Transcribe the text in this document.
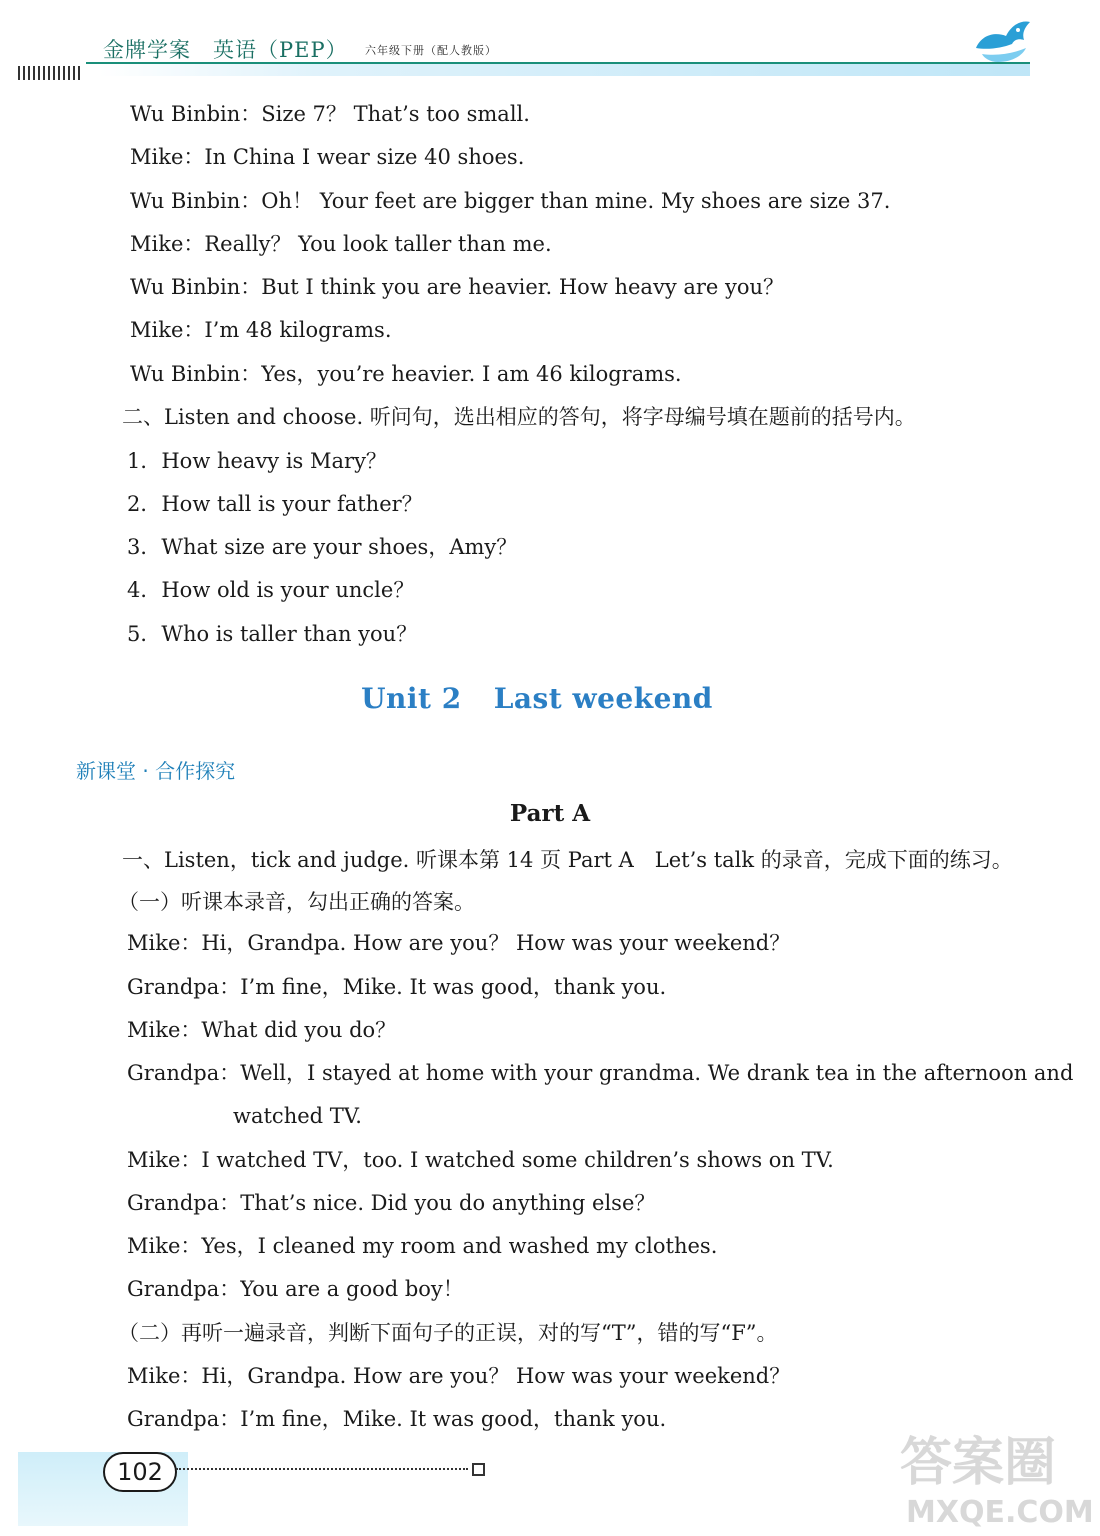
金牌学案　英语（PEP） 六年级下册（配人教版）
Wu Binbin：Size 7？ That’s too small.
Mike：In China I wear size 40 shoes.
Wu Binbin：Oh！ Your feet are bigger than mine. My shoes are size 37.
Mike：Really？ You look taller than me.
Wu Binbin：But I think you are heavier. How heavy are you？
Mike：I’m 48 kilograms.
Wu Binbin：Yes，you’re heavier. I am 46 kilograms.
二、Listen and choose. 听问句，选出相应的答句，将字母编号填在题前的括号内。
1．How heavy is Mary？
2．How tall is your father？
3．What size are your shoes，Amy？
4．How old is your uncle？
5．Who is taller than you？
Unit 2 Last weekend
新课堂 · 合作探究
Part A
一、Listen，tick and judge. 听课本第 14 页 Part A　Let’s talk 的录音，完成下面的练习。
（一）听课本录音，勾出正确的答案。
Mike：Hi，Grandpa. How are you？ How was your weekend？
Grandpa：I’m fine，Mike. It was good，thank you.
Mike：What did you do？
Grandpa：Well，I stayed at home with your grandma. We drank tea in the afternoon and
watched TV.
Mike：I watched TV，too. I watched some children’s shows on TV.
Grandpa：That’s nice. Did you do anything else？
Mike：Yes，I cleaned my room and washed my clothes.
Grandpa：You are a good boy！
（二）再听一遍录音，判断下面句子的正误，对的写“T”，错的写“F”。
Mike：Hi，Grandpa. How are you？ How was your weekend？
Grandpa：I’m fine，Mike. It was good，thank you.
102	答案圈
MXQE.COM
